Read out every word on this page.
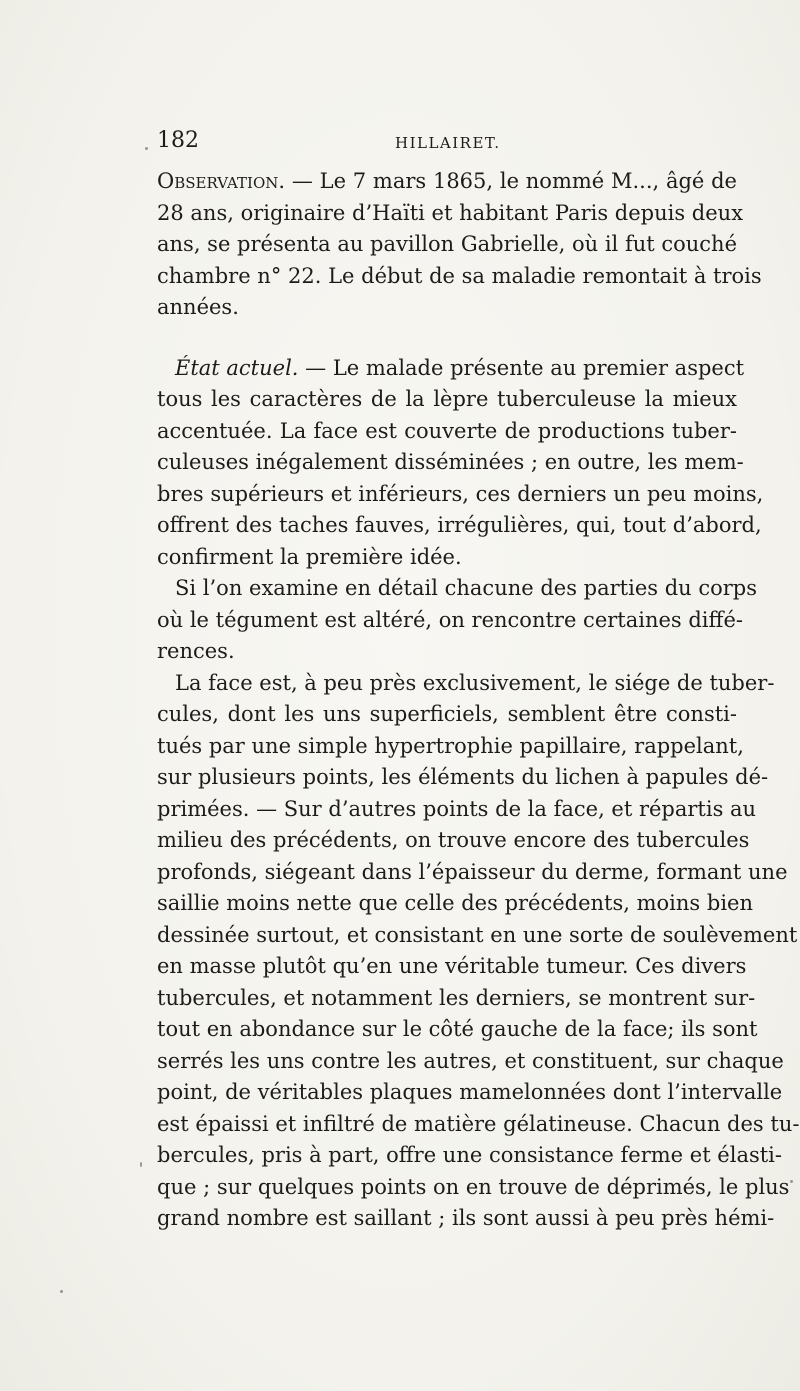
182	HILLAIRET.
Observation. — Le 7 mars 1865, le nommé M..., âgé de
28 ans, originaire d’Haïti et habitant Paris depuis deux
ans, se présenta au pavillon Gabrielle, où il fut couché
chambre n° 22. Le début de sa maladie remontait à trois
années.
État actuel. — Le malade présente au premier aspect
tous les caractères de la lèpre tuberculeuse la mieux
accentuée. La face est couverte de productions tuber-
culeuses inégalement disséminées ; en outre, les mem-
bres supérieurs et inférieurs, ces derniers un peu moins,
offrent des taches fauves, irrégulières, qui, tout d’abord,
confirment la première idée.
Si l’on examine en détail chacune des parties du corps
où le tégument est altéré, on rencontre certaines diffé-
rences.
La face est, à peu près exclusivement, le siége de tuber-
cules, dont les uns superficiels, semblent être consti-
tués par une simple hypertrophie papillaire, rappelant,
sur plusieurs points, les éléments du lichen à papules dé-
primées. — Sur d’autres points de la face, et répartis au
milieu des précédents, on trouve encore des tubercules
profonds, siégeant dans l’épaisseur du derme, formant une
saillie moins nette que celle des précédents, moins bien
dessinée surtout, et consistant en une sorte de soulèvement
en masse plutôt qu’en une véritable tumeur. Ces divers
tubercules, et notamment les derniers, se montrent sur-
tout en abondance sur le côté gauche de la face; ils sont
serrés les uns contre les autres, et constituent, sur chaque
point, de véritables plaques mamelonnées dont l’intervalle
est épaissi et infiltré de matière gélatineuse. Chacun des tu-
bercules, pris à part, offre une consistance ferme et élasti-
que ; sur quelques points on en trouve de déprimés, le plus
grand nombre est saillant ; ils sont aussi à peu près hémi-
